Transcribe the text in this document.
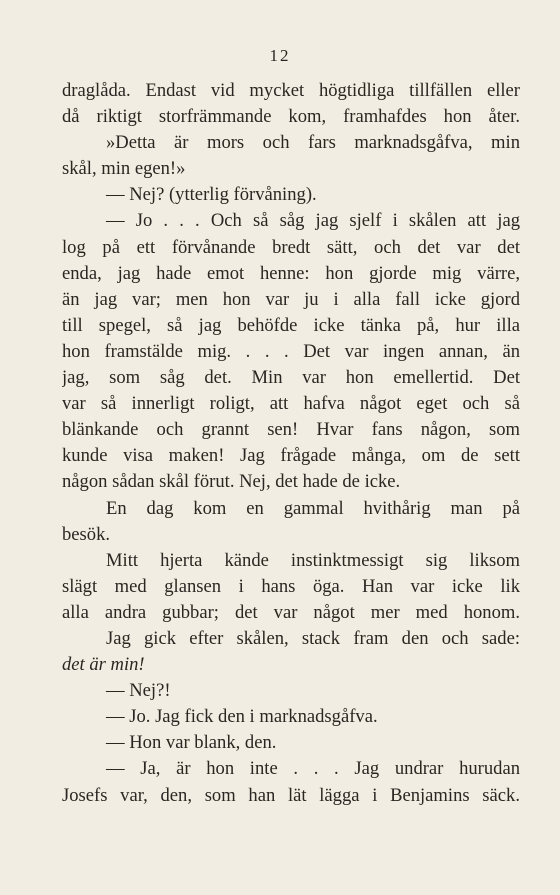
12
draglåda. Endast vid mycket högtidliga tillfällen eller
då riktigt storfrämmande kom, framhafdes hon åter.
»Detta är mors och fars marknadsgåfva, min
skål, min egen!»
— Nej? (ytterlig förvåning).
— Jo . . . Och så såg jag sjelf i skålen att jag
log på ett förvånande bredt sätt, och det var det
enda, jag hade emot henne: hon gjorde mig värre,
än jag var; men hon var ju i alla fall icke gjord
till spegel, så jag behöfde icke tänka på, hur illa
hon framstälde mig. . . . Det var ingen annan, än
jag, som såg det. Min var hon emellertid. Det
var så innerligt roligt, att hafva något eget och så
blänkande och grannt sen! Hvar fans någon, som
kunde visa maken! Jag frågade många, om de sett
någon sådan skål förut. Nej, det hade de icke.
En dag kom en gammal hvithårig man på
besök.
Mitt hjerta kände instinktmessigt sig liksom
slägt med glansen i hans öga. Han var icke lik
alla andra gubbar; det var något mer med honom.
Jag gick efter skålen, stack fram den och sade:
det är min!
— Nej?!
— Jo. Jag fick den i marknadsgåfva.
— Hon var blank, den.
— Ja, är hon inte . . . Jag undrar hurudan
Josefs var, den, som han lät lägga i Benjamins säck.
